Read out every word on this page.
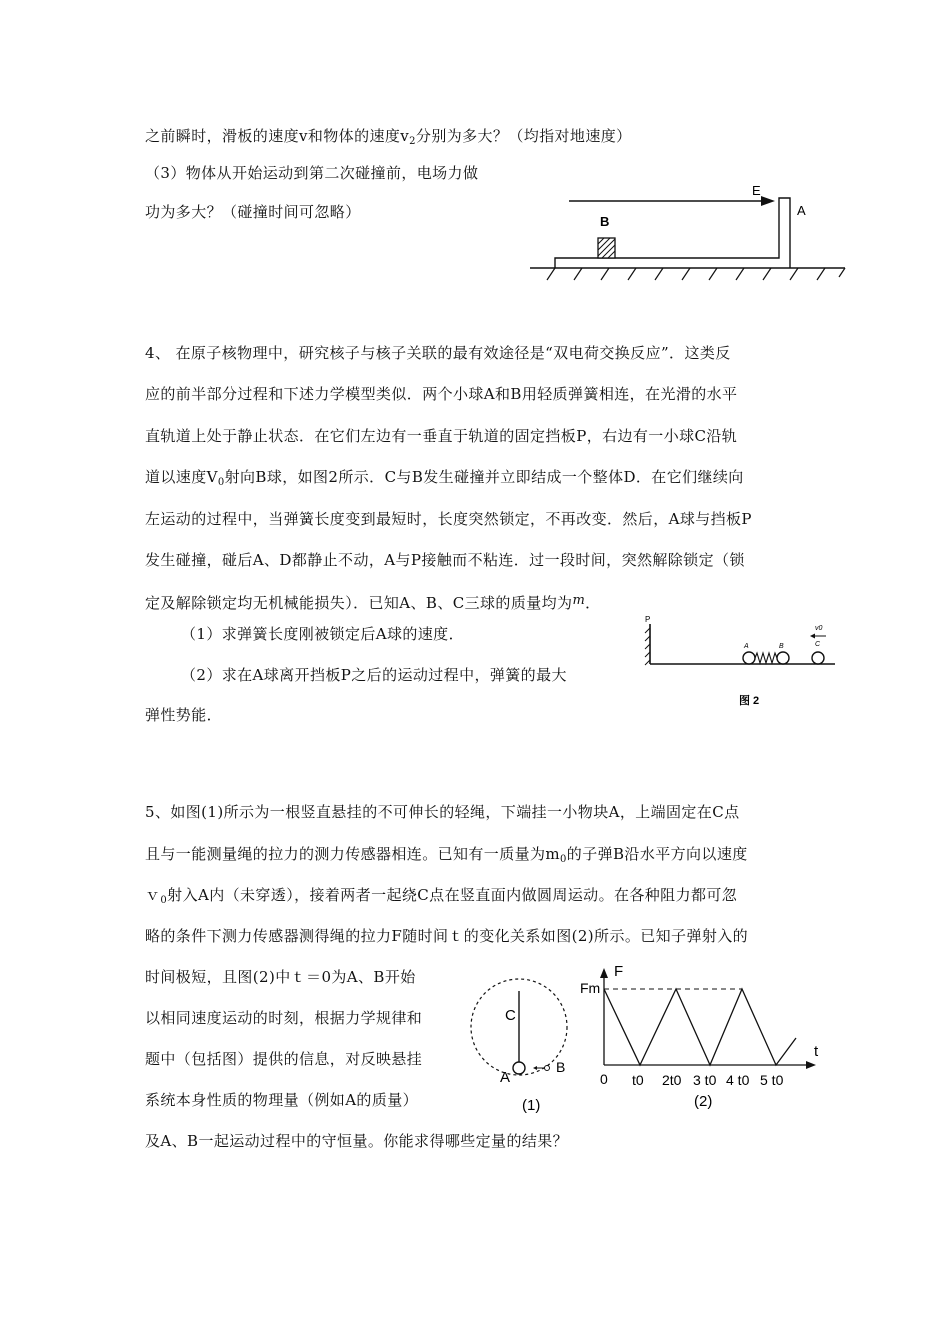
之前瞬时，滑板的速度v和物体的速度$v_2$分别为多大？（均指对地速度）
（3）物体从开始运动到第二次碰撞前，电场力做
功为多大？（碰撞时间可忽略）
E
A
B
4、 在原子核物理中，研究核子与核子关联的最有效途径是“双电荷交换反应”．这类反
应的前半部分过程和下述力学模型类似．两个小球A和B用轻质弹簧相连，在光滑的水平
直轨道上处于静止状态．在它们左边有一垂直于轨道的固定挡板P，右边有一小球C沿轨
道以速度$V_0$射向B球，如图2所示．C与B发生碰撞并立即结成一个整体D．在它们继续向
左运动的过程中，当弹簧长度变到最短时，长度突然锁定，不再改变．然后，A球与挡板P
发生碰撞，碰后A、D都静止不动，A与P接触而不粘连．过一段时间，突然解除锁定（锁
定及解除锁定均无机械能损失）．已知A、B、C三球的质量均为m．
（1）求弹簧长度刚被锁定后A球的速度．
（2）求在A球离开挡板P之后的运动过程中，弹簧的最大
弹性势能．
P
A	B	C
v0
图 2
5、如图(1)所示为一根竖直悬挂的不可伸长的轻绳，下端挂一小物块A，上端固定在C点
且与一能测量绳的拉力的测力传感器相连。已知有一质量为$m_0$的子弹B沿水平方向以速度
ｖ$_0$射入A内（未穿透），接着两者一起绕C点在竖直面内做圆周运动。在各种阻力都可忽
略的条件下测力传感器测得绳的拉力F随时间ｔ的变化关系如图(2)所示。已知子弹射入的
时间极短，且图(2)中ｔ＝0为A、B开始
以相同速度运动的时刻，根据力学规律和
题中（包括图）提供的信息，对反映悬挂
系统本身性质的物理量（例如A的质量）
及A、B一起运动过程中的守恒量。你能求得哪些定量的结果？
C
A
B
(1)
F
Fm
t
0 t0 2t0 3 t0 4 t0 5 t0
(2)
